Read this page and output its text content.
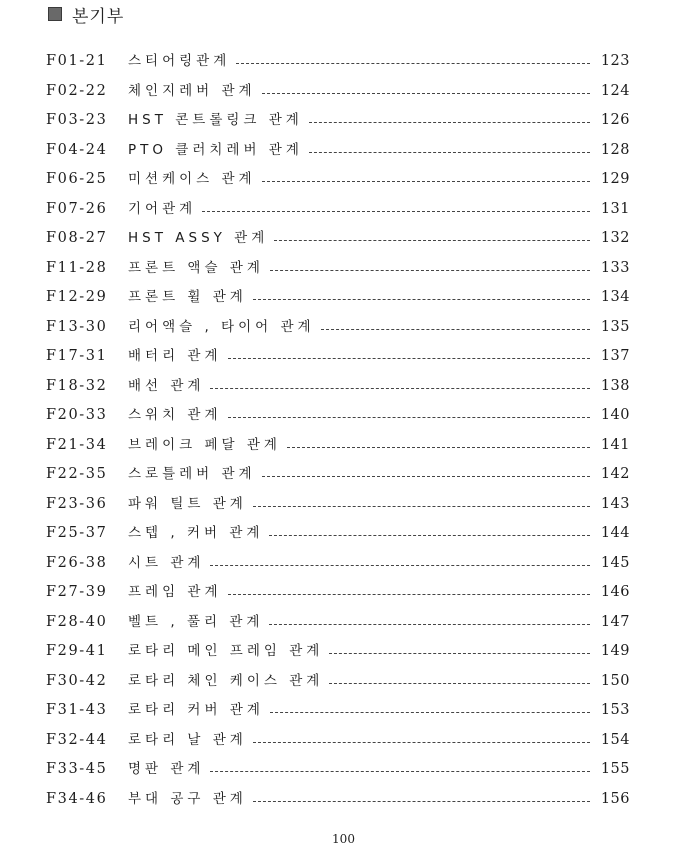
본기부
F01-21	스티어링관계	123
F02-22	체인지레버 관계	124
F03-23	HST 콘트롤링크 관계	126
F04-24	PTO 클러치레버 관계	128
F06-25	미션케이스 관계	129
F07-26	기어관계	131
F08-27	HST ASSY 관계	132
F11-28	프론트 액슬 관계	133
F12-29	프론트 휠 관계	134
F13-30	리어액슬 , 타이어 관계	135
F17-31	배터리 관계	137
F18-32	배선 관계	138
F20-33	스위치 관계	140
F21-34	브레이크 페달 관계	141
F22-35	스로틀레버 관계	142
F23-36	파워 틸트 관계	143
F25-37	스텝 , 커버 관계	144
F26-38	시트 관계	145
F27-39	프레임 관계	146
F28-40	벨트 , 풀리 관계	147
F29-41	로타리 메인 프레임 관계	149
F30-42	로타리 체인 케이스 관계	150
F31-43	로타리 커버 관계	153
F32-44	로타리 날 관계	154
F33-45	명판 관계	155
F34-46	부대 공구 관계	156
100
